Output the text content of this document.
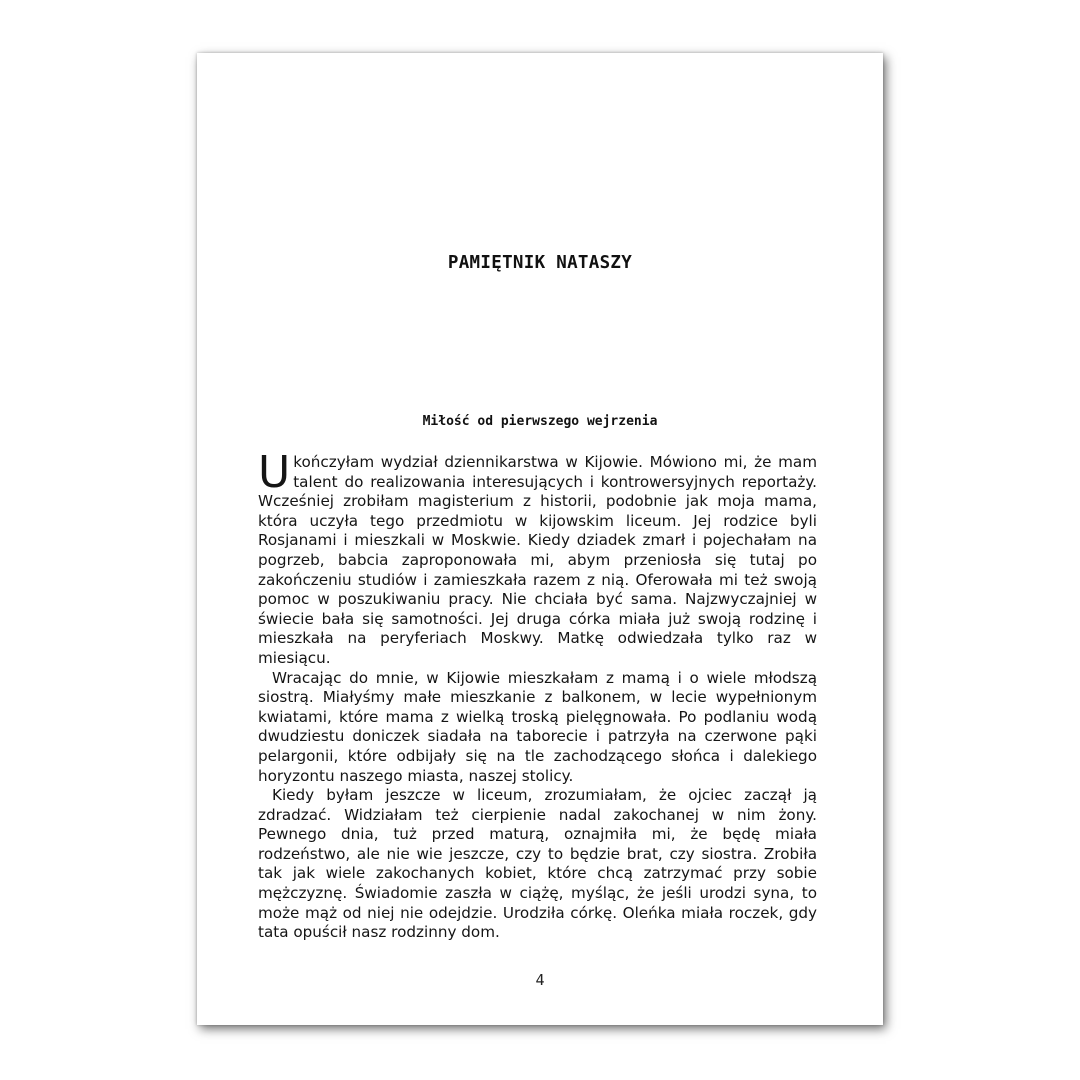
PAMIĘTNIK NATASZY
Miłość od pierwszego wejrzenia

Ukończyłam wydział dziennikarstwa w Kijowie. Mówiono mi, że mam talent do realizowania interesujących i kontrowersyjnych reportaży. Wcześniej zrobiłam magisterium z historii, podobnie jak moja mama, która uczyła tego przedmiotu w kijowskim liceum. Jej rodzice byli Rosjanami i mieszkali w Moskwie. Kiedy dziadek zmarł i pojechałam na pogrzeb, babcia zaproponowała mi, abym przeniosła się tutaj po zakończeniu studiów i zamieszkała razem z nią. Oferowała mi też swoją pomoc w poszukiwaniu pracy. Nie chciała być sama. Najzwyczajniej w świecie bała się samotności. Jej druga córka miała już swoją rodzinę i mieszkała na peryferiach Moskwy. Matkę odwiedzała tylko raz w miesiącu.

Wracając do mnie, w Kijowie mieszkałam z mamą i o wiele młodszą siostrą. Miałyśmy małe mieszkanie z balkonem, w lecie wypełnionym kwiatami, które mama z wielką troską pielęgnowała. Po podlaniu wodą dwudziestu doniczek siadała na taborecie i patrzyła na czerwone pąki pelargonii, które odbijały się na tle zachodzącego słońca i dalekiego horyzontu naszego miasta, naszej stolicy.

Kiedy byłam jeszcze w liceum, zrozumiałam, że ojciec zaczął ją zdradzać. Widziałam też cierpienie nadal zakochanej w nim żony. Pewnego dnia, tuż przed maturą, oznajmiła mi, że będę miała rodzeństwo, ale nie wie jeszcze, czy to będzie brat, czy siostra. Zrobiła tak jak wiele zakochanych kobiet, które chcą zatrzymać przy sobie mężczyznę. Świadomie zaszła w ciążę, myśląc, że jeśli urodzi syna, to może mąż od niej nie odejdzie. Urodziła córkę. Oleńka miała roczek, gdy tata opuścił nasz rodzinny dom.

4
